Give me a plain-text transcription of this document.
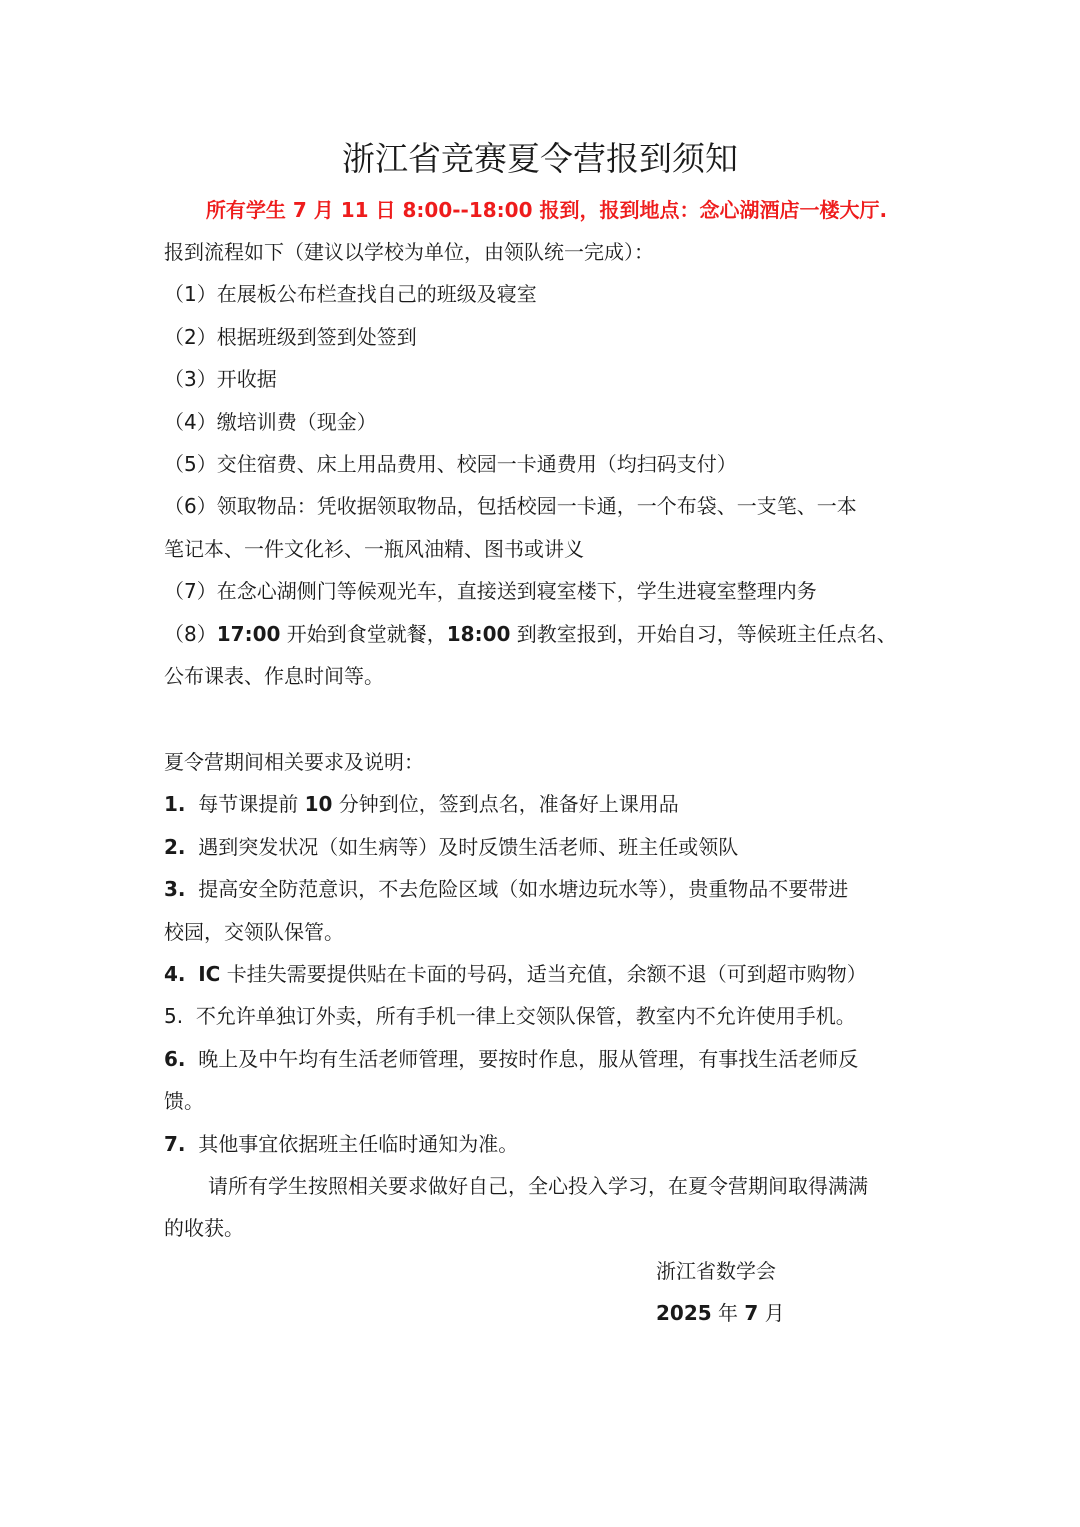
浙江省竞赛夏令营报到须知

所有学生 7 月 11 日 8:00--18:00 报到，报到地点：念心湖酒店一楼大厅.

报到流程如下（建议以学校为单位，由领队统一完成）：
（1）在展板公布栏查找自己的班级及寝室
（2）根据班级到签到处签到
（3）开收据
（4）缴培训费（现金）
（5）交住宿费、床上用品费用、校园一卡通费用（均扫码支付）
（6）领取物品：凭收据领取物品，包括校园一卡通，一个布袋、一支笔、一本
笔记本、一件文化衫、一瓶风油精、图书或讲义
（7）在念心湖侧门等候观光车，直接送到寝室楼下，学生进寝室整理内务
（8）17:00 开始到食堂就餐，18:00 到教室报到，开始自习，等候班主任点名、
公布课表、作息时间等。
夏令营期间相关要求及说明：
1. 每节课提前 10 分钟到位，签到点名，准备好上课用品
2. 遇到突发状况（如生病等）及时反馈生活老师、班主任或领队
3. 提高安全防范意识，不去危险区域（如水塘边玩水等），贵重物品不要带进
校园，交领队保管。
4. IC 卡挂失需要提供贴在卡面的号码，适当充值，余额不退（可到超市购物）
5. 不允许单独订外卖，所有手机一律上交领队保管，教室内不允许使用手机。
6. 晚上及中午均有生活老师管理，要按时作息，服从管理，有事找生活老师反
馈。
7. 其他事宜依据班主任临时通知为准。
请所有学生按照相关要求做好自己，全心投入学习，在夏令营期间取得满满
的收获。
浙江省数学会
2025 年 7 月
